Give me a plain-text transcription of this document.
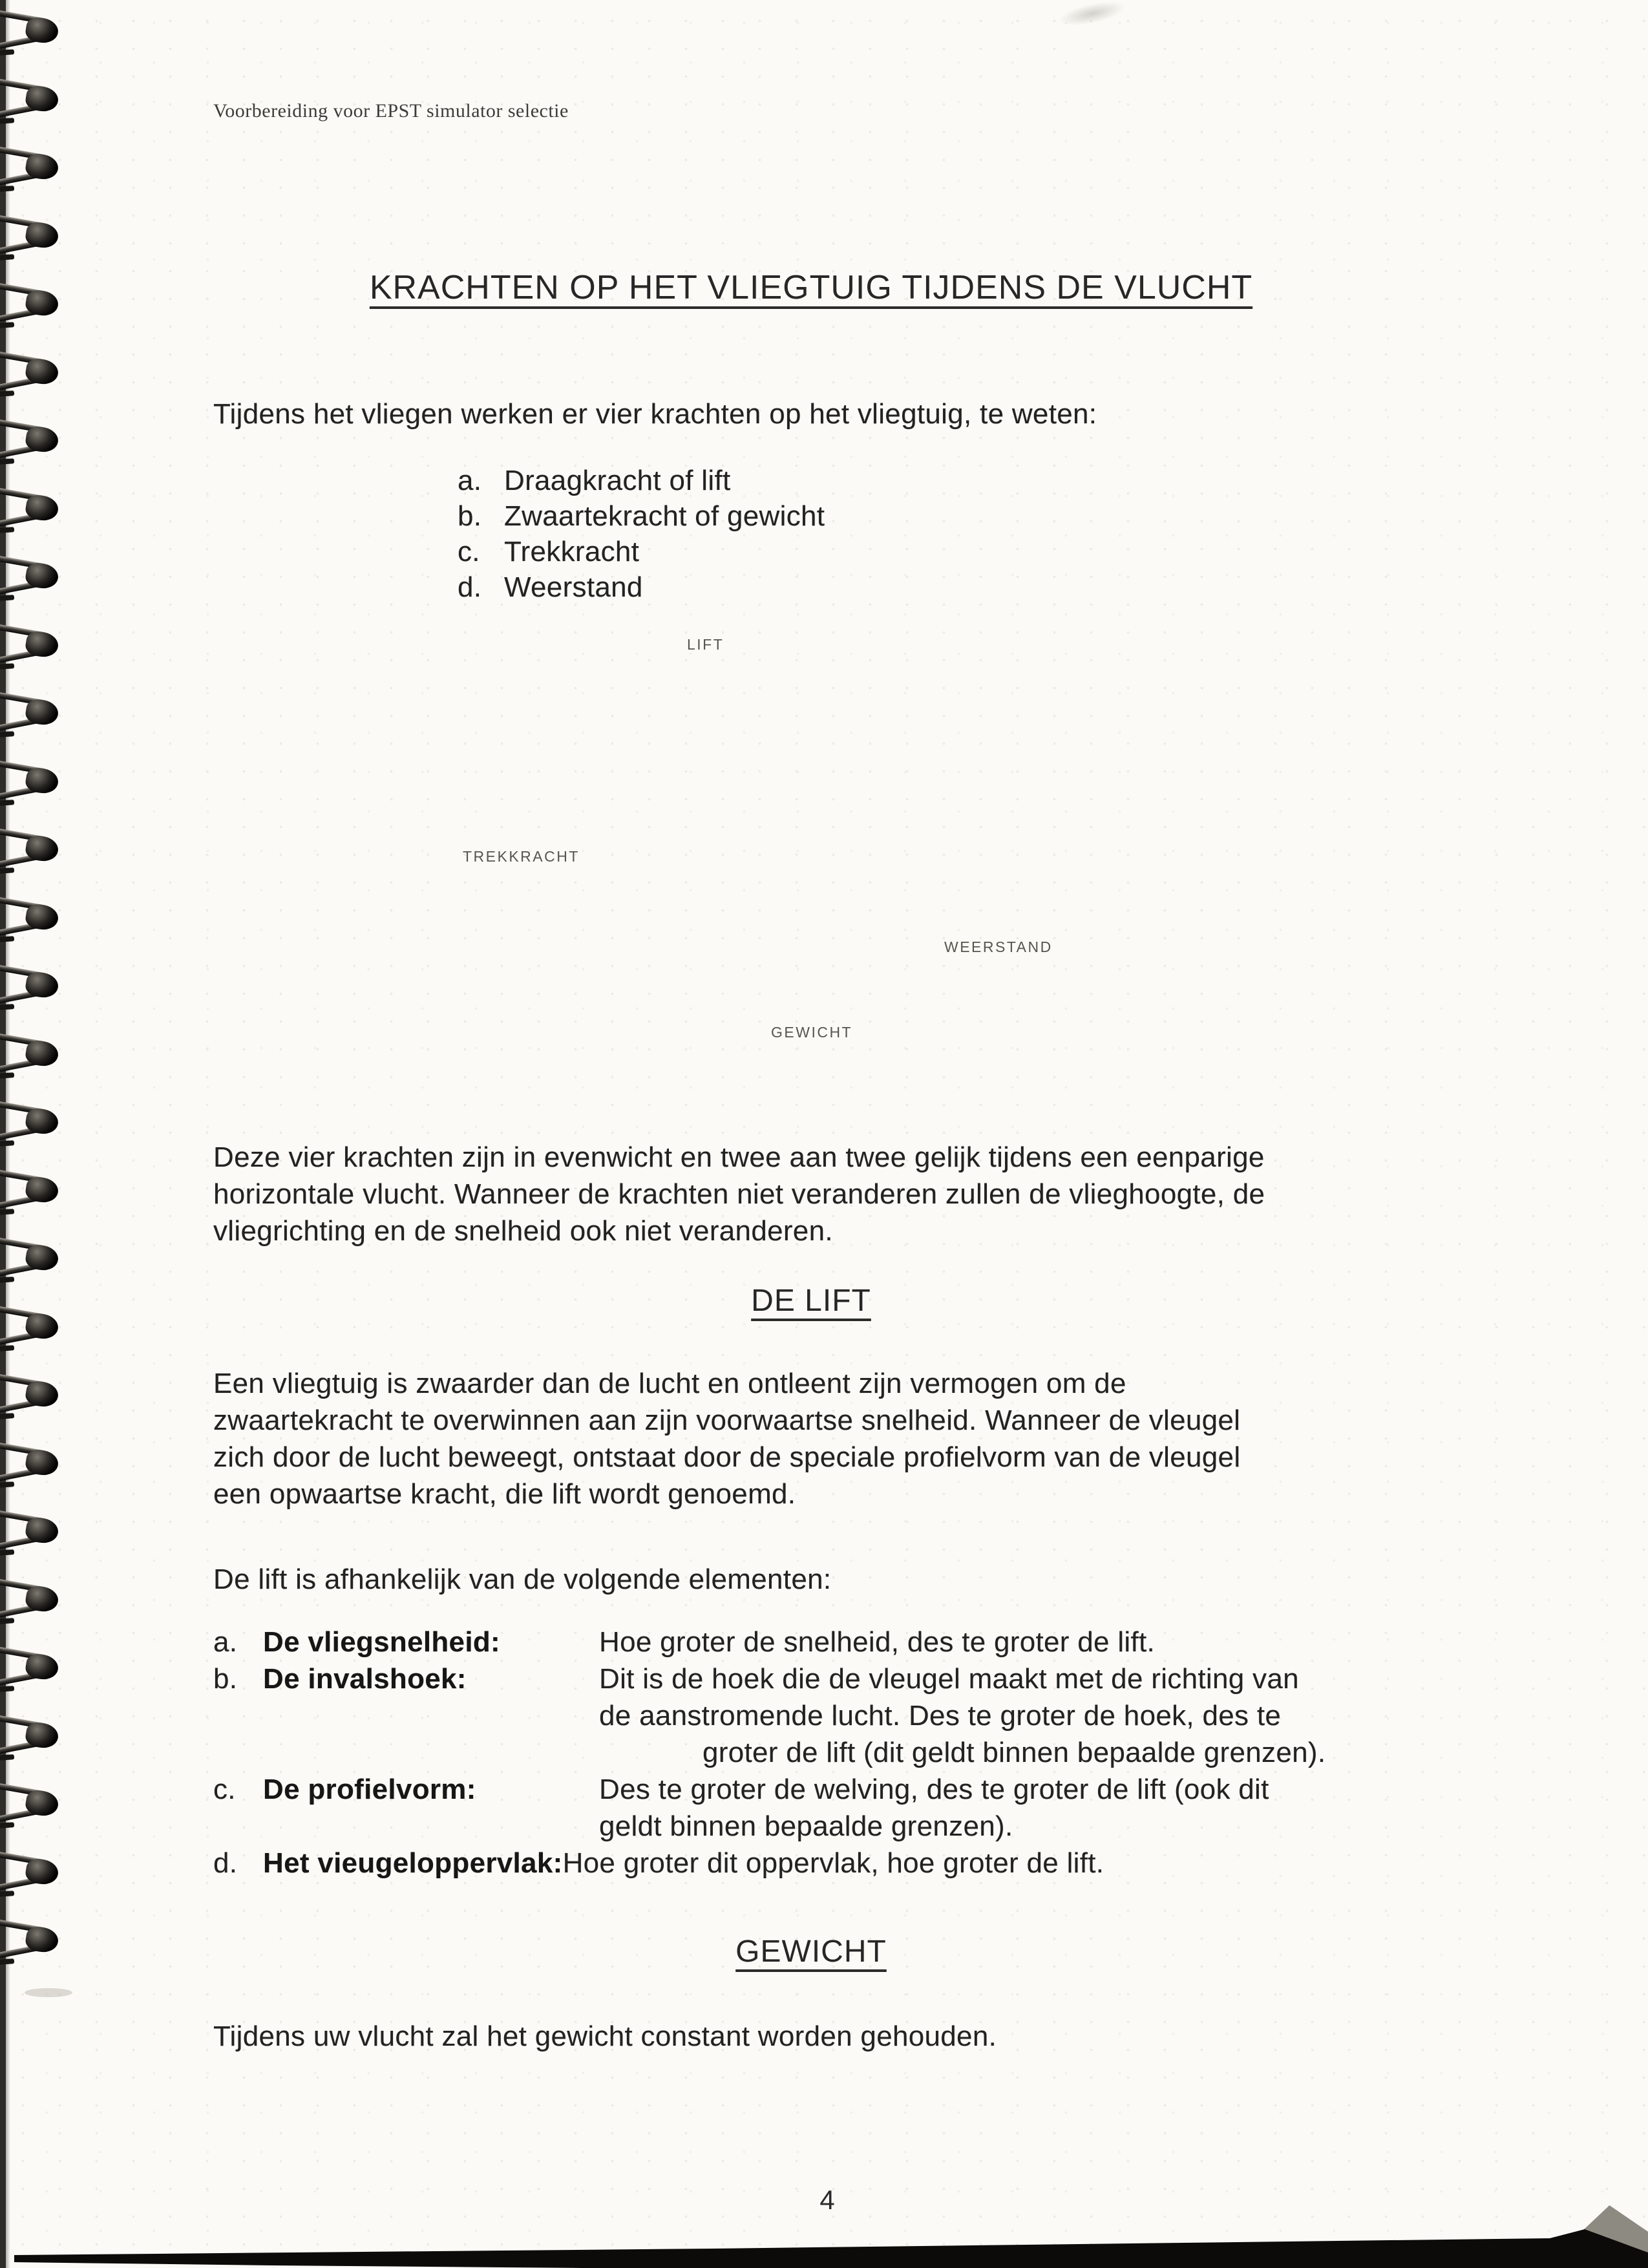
Voorbereiding voor EPST simulator selectie
KRACHTEN OP HET VLIEGTUIG TIJDENS DE VLUCHT
Tijdens het vliegen werken er vier krachten op het vliegtuig, te weten:
a. Draagkracht of lift
b. Zwaartekracht of gewicht
c. Trekkracht
d. Weerstand
LIFT
TREKKRACHT
WEERSTAND
GEWICHT
Deze vier krachten zijn in evenwicht en twee aan twee gelijk tijdens een eenparige
horizontale vlucht. Wanneer de krachten niet veranderen zullen de vlieghoogte, de
vliegrichting en de snelheid ook niet veranderen.
DE LIFT
Een vliegtuig is zwaarder dan de lucht en ontleent zijn vermogen om de
zwaartekracht te overwinnen aan zijn voorwaartse snelheid. Wanneer de vleugel
zich door de lucht beweegt, ontstaat door de speciale profielvorm van de vleugel
een opwaartse kracht, die lift wordt genoemd.
De lift is afhankelijk van de volgende elementen:
a. De vliegsnelheid:	Hoe groter de snelheid, des te groter de lift.
b. De invalshoek:	Dit is de hoek die de vleugel maakt met de richting van
de aanstromende lucht. Des te groter de hoek, des te
groter de lift (dit geldt binnen bepaalde grenzen).
c. De profielvorm:	Des te groter de welving, des te groter de lift (ook dit
geldt binnen bepaalde grenzen).
d. Het vieugeloppervlak:Hoe groter dit oppervlak, hoe groter de lift.
GEWICHT
Tijdens uw vlucht zal het gewicht constant worden gehouden.
4
